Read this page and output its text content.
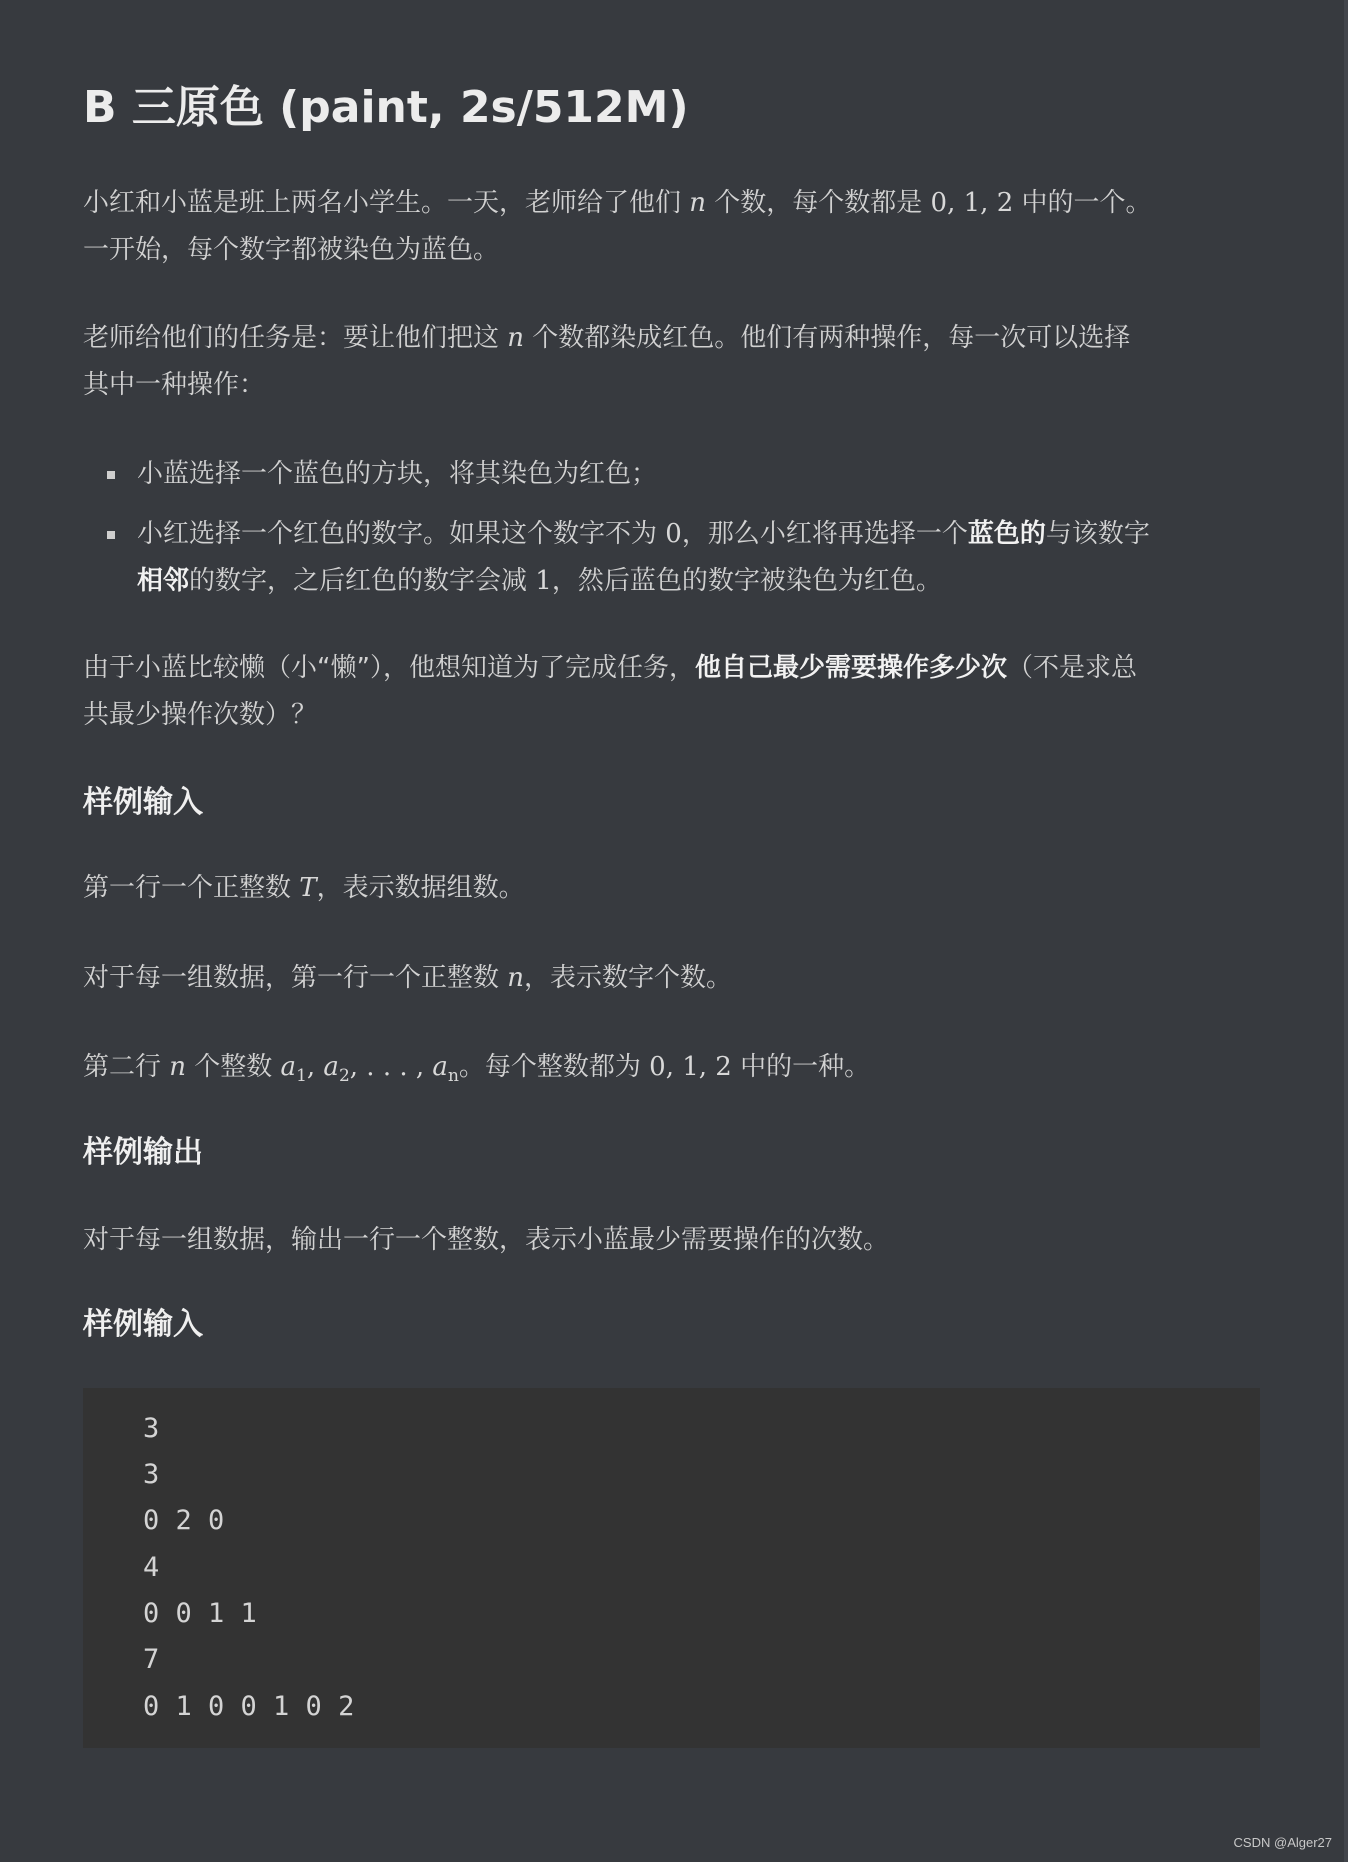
B 三原色 (paint, 2s/512M)

小红和小蓝是班上两名小学生。一天，老师给了他们 n 个数，每个数都是 0, 1, 2 中的一个。

一开始，每个数字都被染色为蓝色。

老师给他们的任务是：要让他们把这 n 个数都染成红色。他们有两种操作，每一次可以选择

其中一种操作：

小蓝选择一个蓝色的方块，将其染色为红色；

小红选择一个红色的数字。如果这个数字不为 0，那么小红将再选择一个蓝色的与该数字

相邻的数字，之后红色的数字会减 1，然后蓝色的数字被染色为红色。

由于小蓝比较懒（小“懒”），他想知道为了完成任务，他自己最少需要操作多少次（不是求总

共最少操作次数）？

样例输入

第一行一个正整数 T，表示数据组数。

对于每一组数据，第一行一个正整数 n，表示数字个数。

第二行 n 个整数 $a_1$, $a_2$, . . . , $a_n$。每个整数都为 0, 1, 2 中的一种。

样例输出

对于每一组数据，输出一行一个整数，表示小蓝最少需要操作的次数。

样例输入
3
3
0 2 0
4
0 0 1 1
7
0 1 0 0 1 0 2
CSDN @Alger27
